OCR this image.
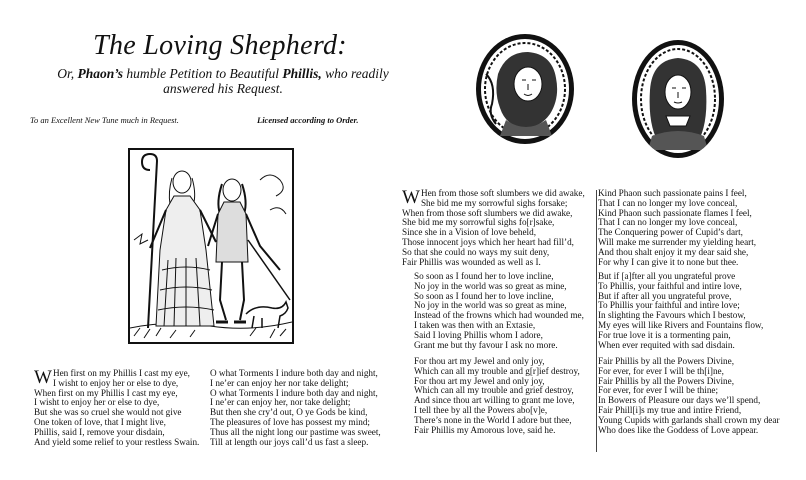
The Loving Shepherd:
Or, Phaon’s humble Petition to Beautiful Phillis, who readily answered his Request.
To an Excellent New Tune much in Request.	Licensed according to Order.
W Hen first on my Phillis I cast my eye,
I wisht to enjoy her or else to dye,
When first on my Phillis I cast my eye,
I wisht to enjoy her or else to dye,
But she was so cruel she would not give
One token of love, that I might live,
Phillis, said I, remove your disdain,
And yield some relief to your restless Swain.
O what Torments I indure both day and night,
I ne’er can enjoy her nor take delight;
O what Torments I indure both day and night,
I ne’er can enjoy her, nor take delight;
But then she cry’d out, O ye Gods be kind,
The pleasures of love has possest my mind;
Thus all the night long our pastime was sweet,
Till at length our joys call’d us fast a sleep.
W Hen from those soft slumbers we did awake,
She bid me my sorrowful sighs forsake;
When from those soft slumbers we did awake,
She bid me my sorrowful sighs fo[r]sake,
Since she in a Vision of love beheld,
Those innocent joys which her heart had fill’d,
So that she could no ways my suit deny,
Fair Phillis was wounded as well as I.
So soon as I found her to love incline,
No joy in the world was so great as mine,
So soon as I found her to love incline,
No joy in the world was so great as mine,
Instead of the frowns which had wounded me,
I taken was then with an Extasie,
Said I loving Phillis whom I adore,
Grant me but thy favour I ask no more.
For thou art my Jewel and only joy,
Which can all my trouble and g[r]ief destroy,
For thou art my Jewel and only joy,
Which can all my trouble and grief destroy,
And since thou art willing to grant me love,
I tell thee by all the Powers abo[v]e,
There’s none in the World I adore but thee,
Fair Phillis my Amorous love, said he.
Kind Phaon such passionate pains I feel,
That I can no longer my love conceal,
Kind Phaon such passionate flames I feel,
That I can no longer my love conceal,
The Conquering power of Cupid’s dart,
Will make me surrender my yielding heart,
And thou shalt enjoy it my dear said she,
For why I can give it to none but thee.
But if [a]fter all you ungrateful prove
To Phillis, your faithful and intire love,
But if after all you ungrateful prove,
To Phillis your faithful and intire love;
In slighting the Favours which I bestow,
My eyes will like Rivers and Fountains flow,
For true love it is a tormenting pain,
When ever requited with sad disdain.
Fair Phillis by all the Powers Divine,
For ever, for ever I will be th[i]ne,
Fair Phillis by all the Powers Divine,
For ever, for ever I will be thine;
In Bowers of Pleasure our days we’ll spend,
Fair Phill[i]s my true and intire Friend,
Young Cupids with garlands shall crown my dear
Who does like the Goddess of Love appear.
